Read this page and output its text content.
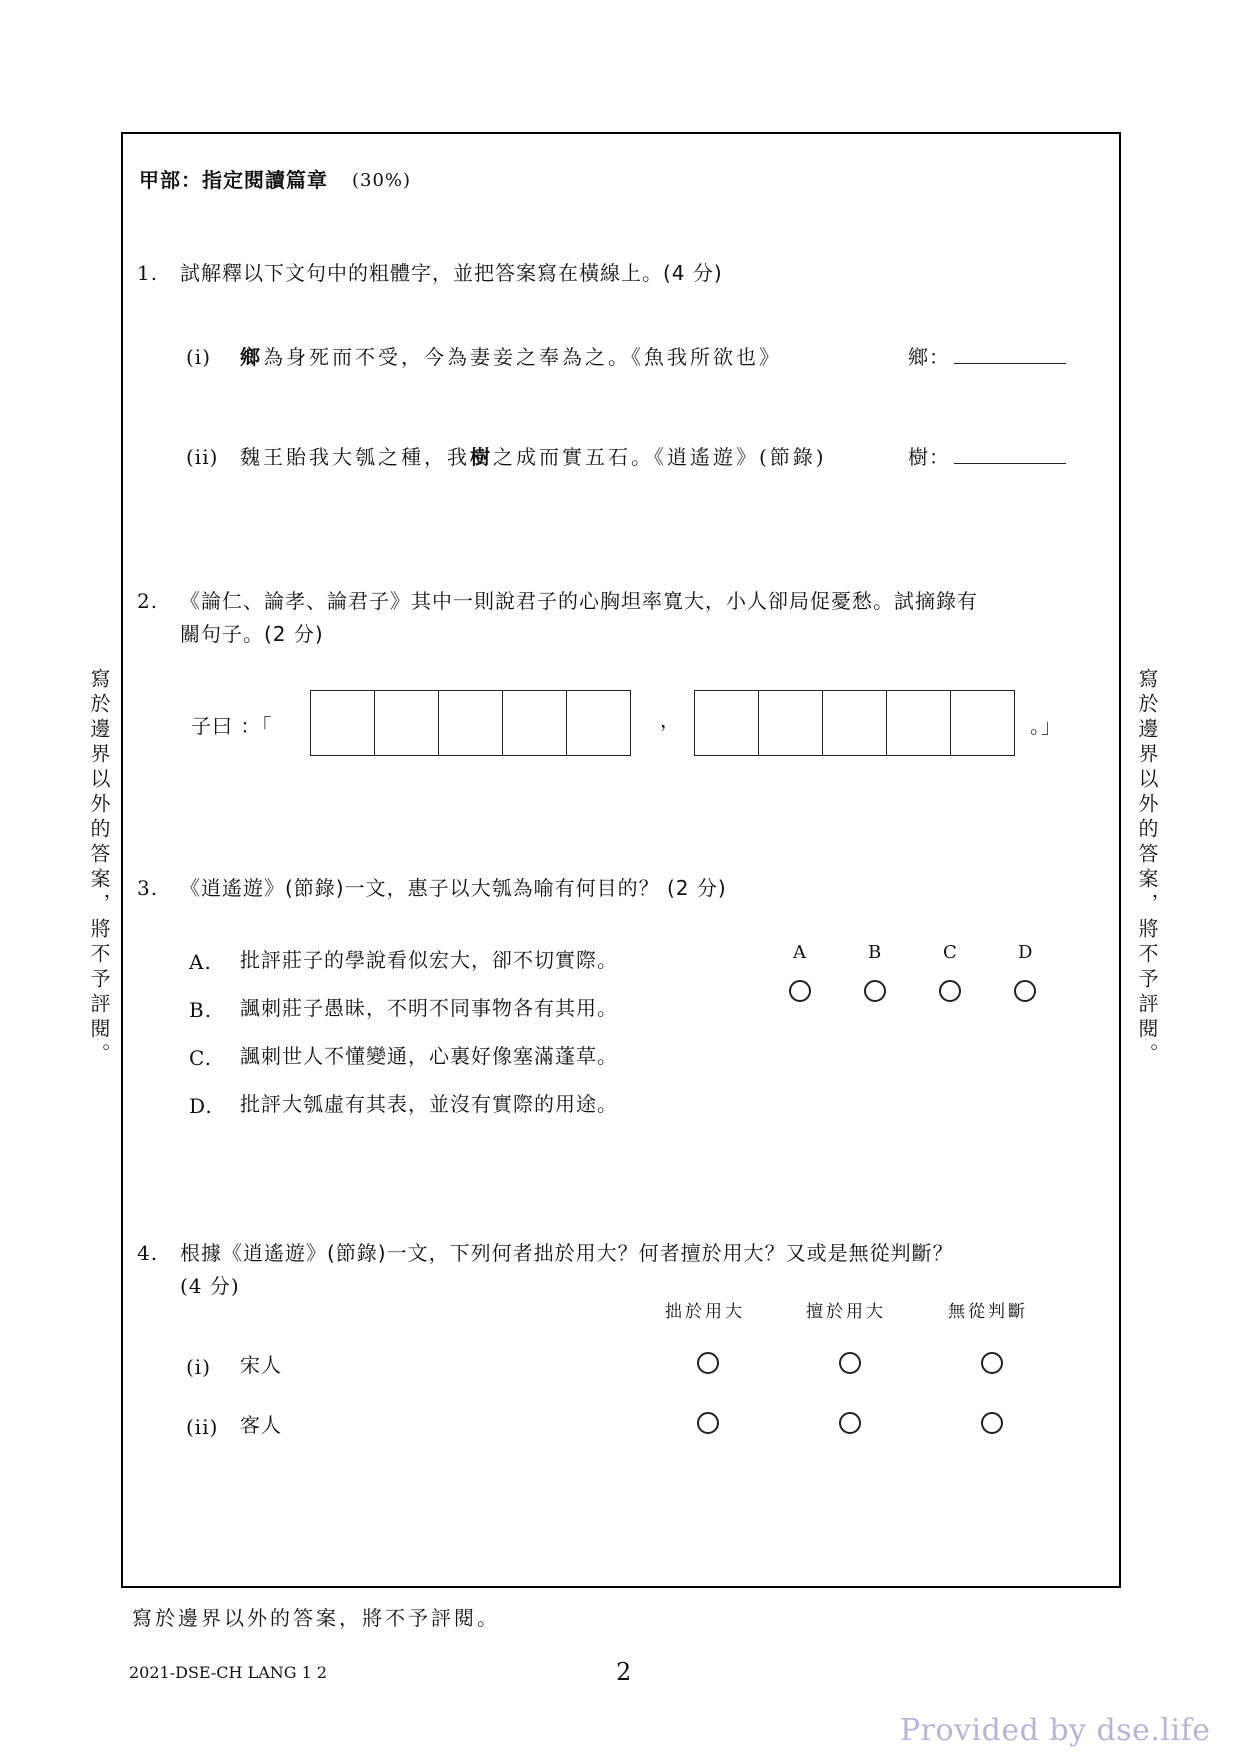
寫於邊界以外的答案，將不予評閱。	寫於邊界以外的答案，將不予評閱。
甲部：指定閱讀篇章 (30%)
1. 試解釋以下文句中的粗體字，並把答案寫在橫線上。(4 分)
(i) 鄉為身死而不受，今為妻妾之奉為之。《魚我所欲也》	鄉：
(ii) 魏王貽我大瓠之種，我樹之成而實五石。《逍遙遊》(節錄)	樹：
2. 《論仁、論孝、論君子》其中一則說君子的心胸坦率寬大，小人卻局促憂愁。試摘錄有
關句子。(2 分)
子曰 ：「	，	。」
3. 《逍遙遊》(節錄)一文，惠子以大瓠為喻有何目的？ (2 分)
A. 批評莊子的學說看似宏大，卻不切實際。
B. 諷刺莊子愚昧，不明不同事物各有其用。
C. 諷刺世人不懂變通，心裏好像塞滿蓬草。
D. 批評大瓠虛有其表，並沒有實際的用途。
A	B	C	D
4. 根據《逍遙遊》(節錄)一文，下列何者拙於用大？何者擅於用大？又或是無從判斷？
(4 分)
拙於用大	擅於用大	無從判斷
(i) 宋人
(ii) 客人
寫於邊界以外的答案，將不予評閱。
2021-DSE-CH LANG 1 2	2
Provided by dse.life
